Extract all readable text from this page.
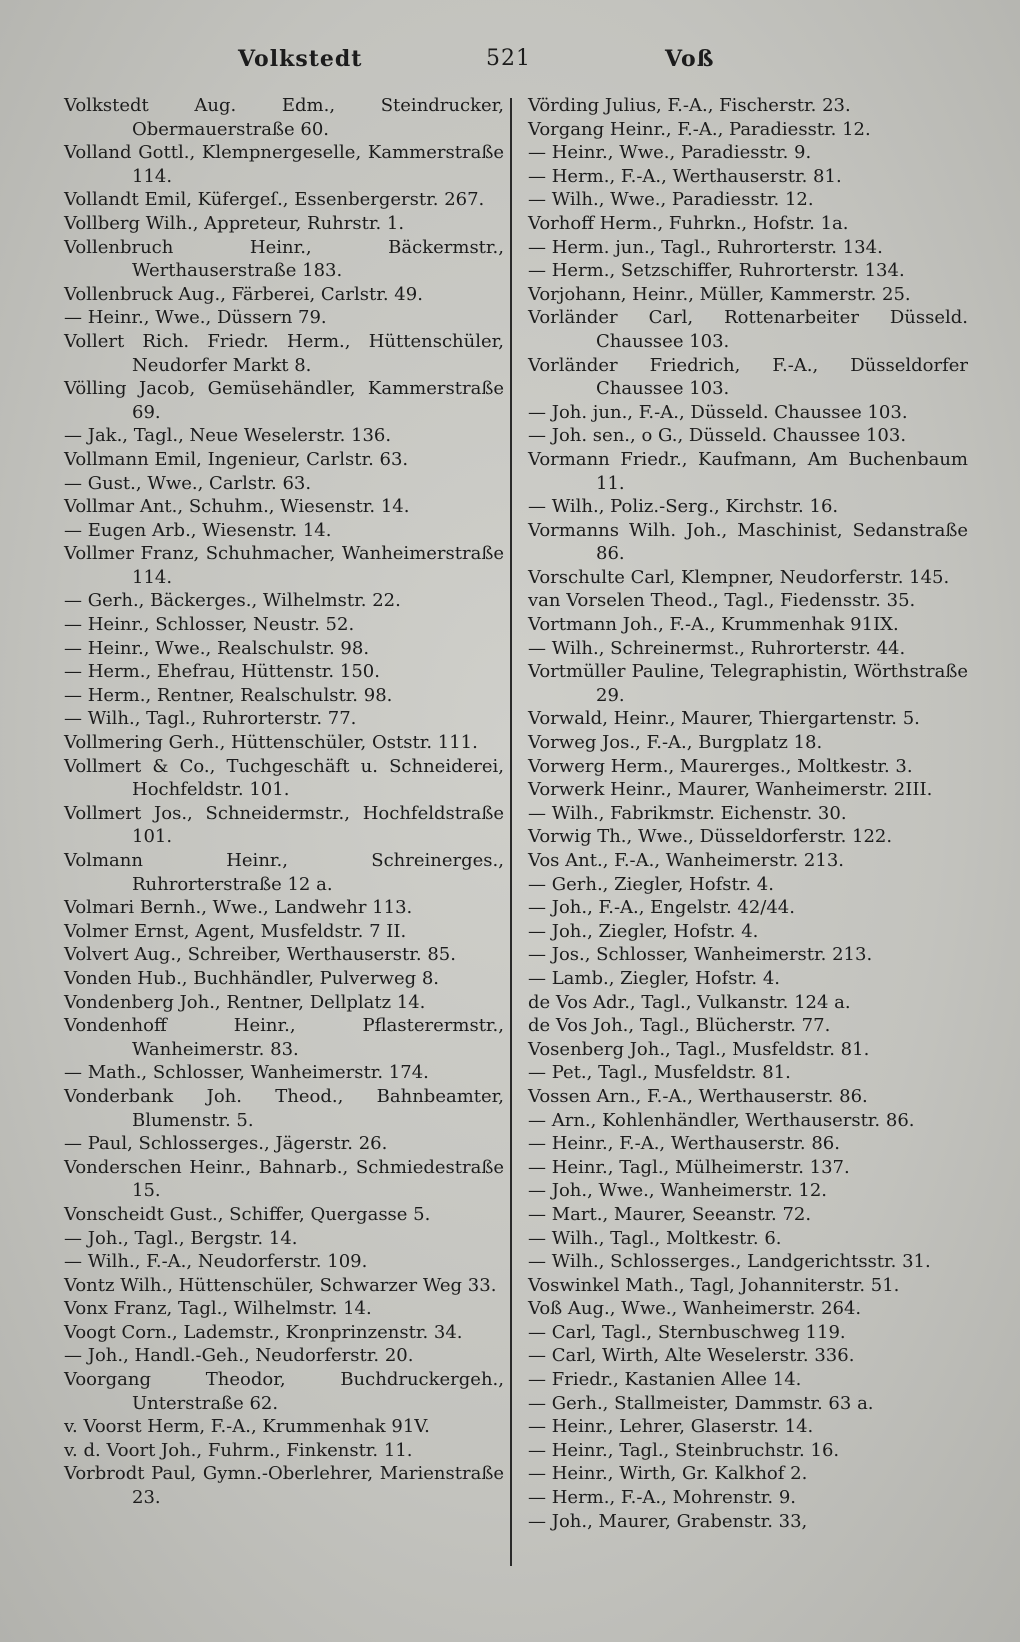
Volkstedt	521	Voß
Volkstedt Aug. Edm., Steindrucker, Obermauerstraße 60.
Volland Gottl., Klempnergeselle, Kammerstraße 114.
Vollandt Emil, Küfergeſ., Essenbergerstr. 267.
Vollberg Wilh., Appreteur, Ruhrstr. 1.
Vollenbruch Heinr., Bäckermstr., Werthauserstraße 183.
Vollenbruck Aug., Färberei, Carlstr. 49.
— Heinr., Wwe., Düssern 79.
Vollert Rich. Friedr. Herm., Hüttenschüler, Neudorfer Markt 8.
Völling Jacob, Gemüsehändler, Kammerstraße 69.
— Jak., Tagl., Neue Weselerstr. 136.
Vollmann Emil, Ingenieur, Carlstr. 63.
— Gust., Wwe., Carlstr. 63.
Vollmar Ant., Schuhm., Wiesenstr. 14.
— Eugen Arb., Wiesenstr. 14.
Vollmer Franz, Schuhmacher, Wanheimerstraße 114.
— Gerh., Bäckerges., Wilhelmstr. 22.
— Heinr., Schlosser, Neustr. 52.
— Heinr., Wwe., Realschulstr. 98.
— Herm., Ehefrau, Hüttenstr. 150.
— Herm., Rentner, Realschulstr. 98.
— Wilh., Tagl., Ruhrorterstr. 77.
Vollmering Gerh., Hüttenschüler, Oststr. 111.
Vollmert & Co., Tuchgeschäft u. Schneiderei, Hochfeldstr. 101.
Vollmert Jos., Schneidermstr., Hochfeldstraße 101.
Volmann Heinr., Schreinerges., Ruhrorterstraße 12 a.
Volmari Bernh., Wwe., Landwehr 113.
Volmer Ernst, Agent, Musfeldstr. 7 II.
Volvert Aug., Schreiber, Werthauserstr. 85.
Vonden Hub., Buchhändler, Pulverweg 8.
Vondenberg Joh., Rentner, Dellplatz 14.
Vondenhoff Heinr., Pflasterermstr., Wanheimerstr. 83.
— Math., Schlosser, Wanheimerstr. 174.
Vonderbank Joh. Theod., Bahnbeamter, Blumenstr. 5.
— Paul, Schlosserges., Jägerstr. 26.
Vonderschen Heinr., Bahnarb., Schmiedestraße 15.
Vonscheidt Gust., Schiffer, Quergasse 5.
— Joh., Tagl., Bergstr. 14.
— Wilh., F.-A., Neudorferstr. 109.
Vontz Wilh., Hüttenschüler, Schwarzer Weg 33.
Vonx Franz, Tagl., Wilhelmstr. 14.
Voogt Corn., Lademstr., Kronprinzenstr. 34.
— Joh., Handl.-Geh., Neudorferstr. 20.
Voorgang Theodor, Buchdruckergeh., Unterstraße 62.
v. Voorst Herm, F.-A., Krummenhak 91V.
v. d. Voort Joh., Fuhrm., Finkenstr. 11.
Vorbrodt Paul, Gymn.-Oberlehrer, Marienstraße 23.
Vörding Julius, F.-A., Fischerstr. 23.
Vorgang Heinr., F.-A., Paradiesstr. 12.
— Heinr., Wwe., Paradiesstr. 9.
— Herm., F.-A., Werthauserstr. 81.
— Wilh., Wwe., Paradiesstr. 12.
Vorhoff Herm., Fuhrkn., Hofstr. 1a.
— Herm. jun., Tagl., Ruhrorterstr. 134.
— Herm., Setzschiffer, Ruhrorterstr. 134.
Vorjohann, Heinr., Müller, Kammerstr. 25.
Vorländer Carl, Rottenarbeiter Düsseld. Chaussee 103.
Vorländer Friedrich, F.-A., Düsseldorfer Chaussee 103.
— Joh. jun., F.-A., Düsseld. Chaussee 103.
— Joh. sen., o G., Düsseld. Chaussee 103.
Vormann Friedr., Kaufmann, Am Buchenbaum 11.
— Wilh., Poliz.-Serg., Kirchstr. 16.
Vormanns Wilh. Joh., Maschinist, Sedanstraße 86.
Vorschulte Carl, Klempner, Neudorferstr. 145.
van Vorselen Theod., Tagl., Fiedensstr. 35.
Vortmann Joh., F.-A., Krummenhak 91IX.
— Wilh., Schreinermst., Ruhrorterstr. 44.
Vortmüller Pauline, Telegraphistin, Wörthstraße 29.
Vorwald, Heinr., Maurer, Thiergartenstr. 5.
Vorweg Jos., F.-A., Burgplatz 18.
Vorwerg Herm., Maurerges., Moltkestr. 3.
Vorwerk Heinr., Maurer, Wanheimerstr. 2III.
— Wilh., Fabrikmstr. Eichenstr. 30.
Vorwig Th., Wwe., Düsseldorferstr. 122.
Vos Ant., F.-A., Wanheimerstr. 213.
— Gerh., Ziegler, Hofstr. 4.
— Joh., F.-A., Engelstr. 42/44.
— Joh., Ziegler, Hofstr. 4.
— Jos., Schlosser, Wanheimerstr. 213.
— Lamb., Ziegler, Hofstr. 4.
de Vos Adr., Tagl., Vulkanstr. 124 a.
de Vos Joh., Tagl., Blücherstr. 77.
Vosenberg Joh., Tagl., Musfeldstr. 81.
— Pet., Tagl., Musfeldstr. 81.
Vossen Arn., F.-A., Werthauserstr. 86.
— Arn., Kohlenhändler, Werthauserstr. 86.
— Heinr., F.-A., Werthauserstr. 86.
— Heinr., Tagl., Mülheimerstr. 137.
— Joh., Wwe., Wanheimerstr. 12.
— Mart., Maurer, Seeanstr. 72.
— Wilh., Tagl., Moltkestr. 6.
— Wilh., Schlosserges., Landgerichtsstr. 31.
Voswinkel Math., Tagl, Johanniterstr. 51.
Voß Aug., Wwe., Wanheimerstr. 264.
— Carl, Tagl., Sternbuschweg 119.
— Carl, Wirth, Alte Weselerstr. 336.
— Friedr., Kastanien Allee 14.
— Gerh., Stallmeister, Dammstr. 63 a.
— Heinr., Lehrer, Glaserstr. 14.
— Heinr., Tagl., Steinbruchstr. 16.
— Heinr., Wirth, Gr. Kalkhof 2.
— Herm., F.-A., Mohrenstr. 9.
— Joh., Maurer, Grabenstr. 33,
